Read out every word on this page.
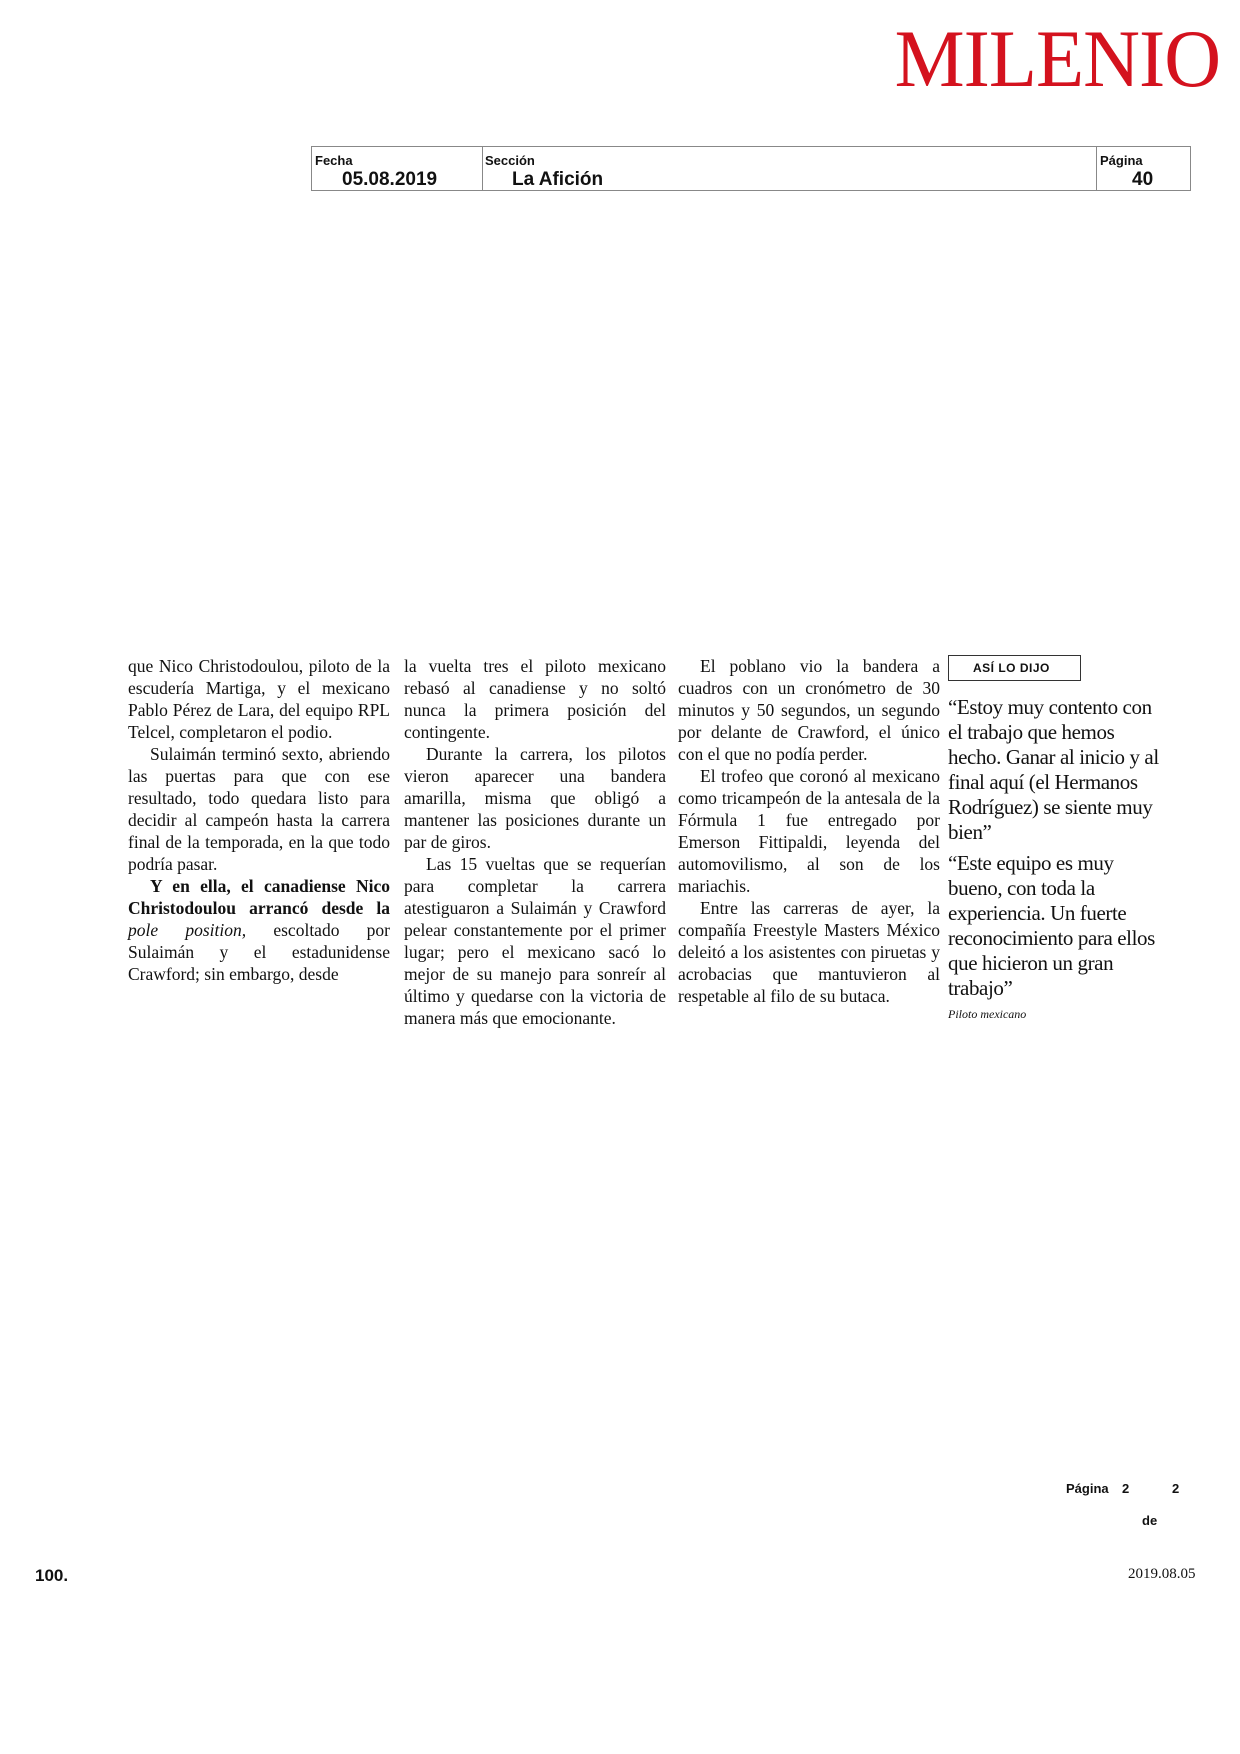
MILENIO
Fecha
05.08.2019
Sección
La Afición
Página
40

que Nico Christodoulou, piloto de la escudería Martiga, y el mexicano Pablo Pérez de Lara, del equipo RPL Telcel, completaron el podio.

Sulaimán terminó sexto, abriendo las puertas para que con ese resultado, todo quedara listo para decidir al campeón hasta la carrera final de la temporada, en la que todo podría pasar.

Y en ella, el canadiense Nico Christodoulou arrancó desde la pole position, escoltado por Sulaimán y el estadunidense Crawford; sin embargo, desde

la vuelta tres el piloto mexicano rebasó al canadiense y no soltó nunca la primera posición del contingente.

Durante la carrera, los pilotos vieron aparecer una bandera amarilla, misma que obligó a mantener las posiciones durante un par de giros.

Las 15 vueltas que se requerían para completar la carrera atestiguaron a Sulaimán y Crawford pelear constantemente por el primer lugar; pero el mexicano sacó lo mejor de su manejo para sonreír al último y quedarse con la victoria de manera más que emocionante.

El poblano vio la bandera a cuadros con un cronómetro de 30 minutos y 50 segundos, un segundo por delante de Crawford, el único con el que no podía perder.

El trofeo que coronó al mexicano como tricampeón de la antesala de la Fórmula 1 fue entregado por Emerson Fittipaldi, leyenda del automovilismo, al son de los mariachis.

Entre las carreras de ayer, la compañía Freestyle Masters México deleitó a los asistentes con piruetas y acrobacias que mantuvieron al respetable al filo de su butaca.

ASÍ LO DIJO

“Estoy muy contento con el trabajo que hemos hecho. Ganar al inicio y al final aquí (el Hermanos Rodríguez) se siente muy bien”

“Este equipo es muy bueno, con toda la experiencia. Un fuerte reconocimiento para ellos que hicieron un gran trabajo”

Piloto mexicano
Página 2	2
de
100.	2019.08.05
